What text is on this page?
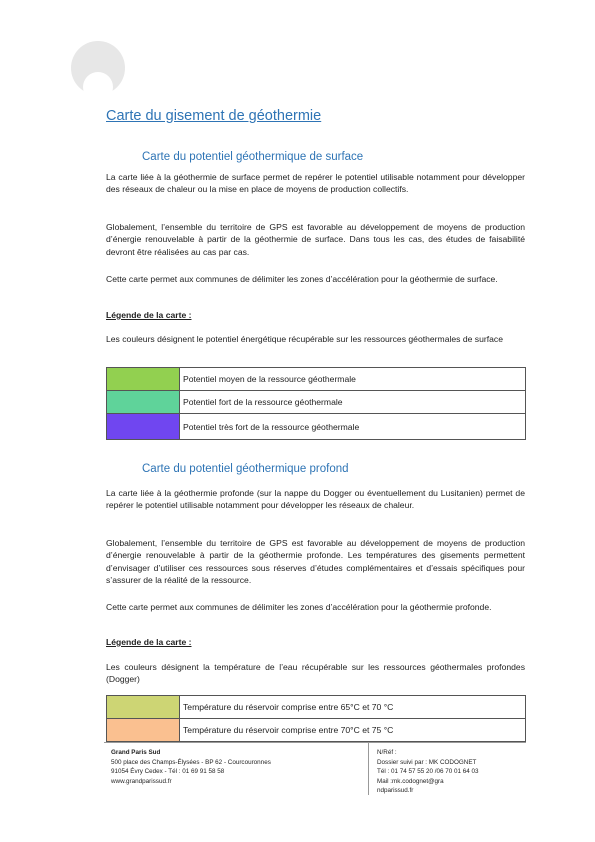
Carte du gisement de géothermie
Carte du potentiel géothermique de surface

La carte liée à la géothermie de surface permet de repérer le potentiel utilisable notamment pour développer des réseaux de chaleur ou la mise en place de moyens de production collectifs.

Globalement, l’ensemble du territoire de GPS est favorable au développement de moyens de production d’énergie renouvelable à partir de la géothermie de surface. Dans tous les cas, des études de faisabilité devront être réalisées au cas par cas.

Cette carte permet aux communes de délimiter les zones d’accélération pour la géothermie de surface.

Légende de la carte :

Les couleurs désignent le potentiel énergétique récupérable sur les ressources géothermales de surface

	Potentiel moyen de la ressource géothermale
	Potentiel fort de la ressource géothermale
	Potentiel très fort de la ressource géothermale
Carte du potentiel géothermique profond

La carte liée à la géothermie profonde (sur la nappe du Dogger ou éventuellement du Lusitanien) permet de repérer le potentiel utilisable notamment pour développer les réseaux de chaleur.

Globalement, l’ensemble du territoire de GPS est favorable au développement de moyens de production d’énergie renouvelable à partir de la géothermie profonde. Les températures des gisements permettent d’envisager d’utiliser ces ressources sous réserves d’études complémentaires et d’essais spécifiques pour s’assurer de la réalité de la ressource.

Cette carte permet aux communes de délimiter les zones d’accélération pour la géothermie profonde.

Légende de la carte :

Les couleurs désignent la température de l’eau récupérable sur les ressources géothermales profondes (Dogger)

	Température du réservoir comprise entre 65°C et 70 °C
	Température du réservoir comprise entre 70°C et 75 °C
Grand Paris Sud
500 place des Champs-Élysées - BP 62 - Courcouronnes
91054 Évry Cedex - Tél : 01 69 91 58 58
www.grandparissud.fr
N/Réf :
Dossier suivi par : MK CODOGNET
Tél : 01 74 57 55 20 /06 70 01 64 03
Mail :mk.codognet@gra
ndparissud.fr
